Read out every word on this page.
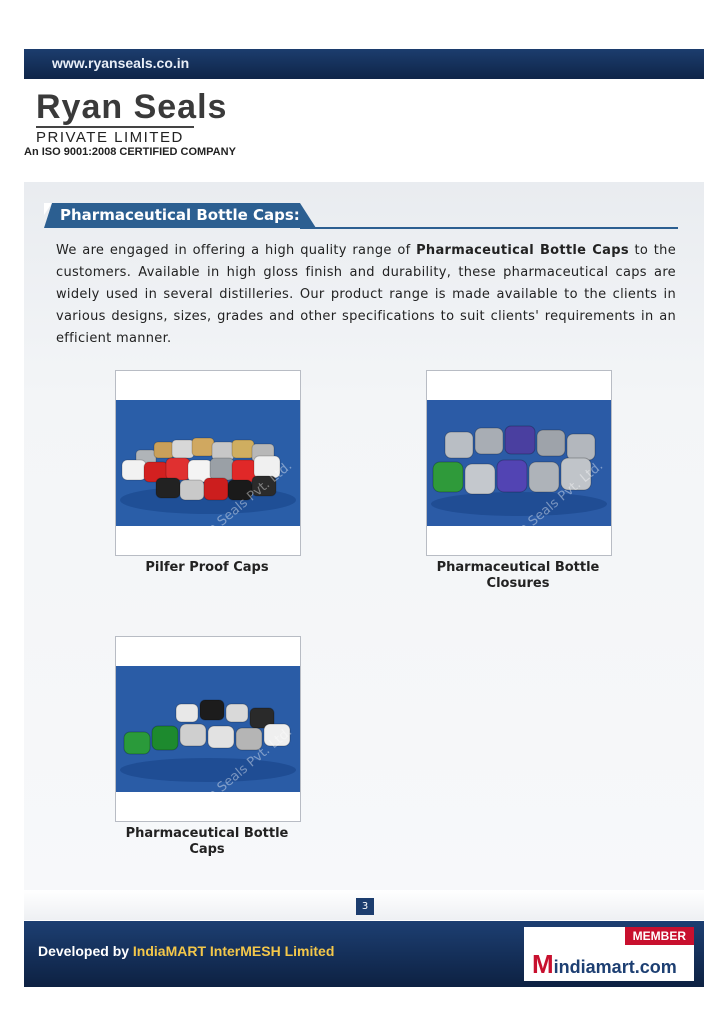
www.ryanseals.co.in
Ryan Seals
PRIVATE LIMITED
An ISO 9001:2008 CERTIFIED COMPANY
Pharmaceutical Bottle Caps:
We are engaged in offering a high quality range of Pharmaceutical Bottle Caps to the customers. Available in high gloss finish and durability, these pharmaceutical caps are widely used in several distilleries. Our product range is made available to the clients in various designs, sizes, grades and other specifications to suit clients' requirements in an efficient manner.
Seals Pvt. Ltd.
Pilfer Proof Caps
Seals Pvt. Ltd.
Pharmaceutical Bottle Closures
Pharmaceutical Bottle Caps
3
Developed by IndiaMART InterMESH Limited
MEMBER
Mindiamart.com
